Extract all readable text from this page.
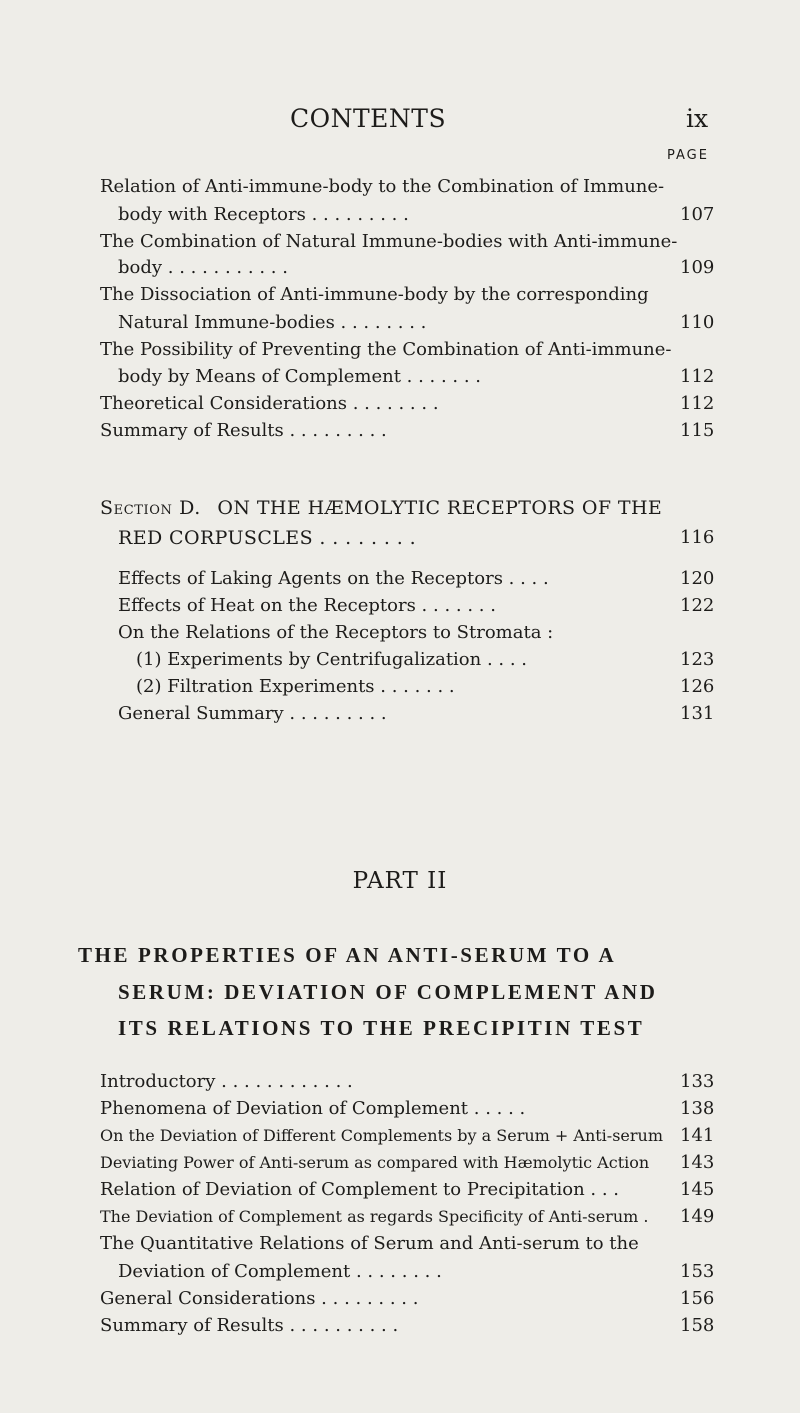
CONTENTS	ix
PAGE
Relation of Anti-immune-body to the Combination of Immune-
body with Receptors . . . . . . . . .	107
The Combination of Natural Immune-bodies with Anti-immune-
body . . . . . . . . . . .	109
The Dissociation of Anti-immune-body by the corresponding
Natural Immune-bodies . . . . . . . .	110
The Possibility of Preventing the Combination of Anti-immune-
body by Means of Complement . . . . . . .	112
Theoretical Considerations . . . . . . . .	112
Summary of Results . . . . . . . . .	115
Section D. ON THE HÆMOLYTIC RECEPTORS OF THE
RED CORPUSCLES . . . . . . . .	116
Effects of Laking Agents on the Receptors . . . .	120
Effects of Heat on the Receptors . . . . . . .	122
On the Relations of the Receptors to Stromata :
(1) Experiments by Centrifugalization . . . .	123
(2) Filtration Experiments . . . . . . .	126
General Summary . . . . . . . . .	131
PART II
THE PROPERTIES OF AN ANTI-SERUM TO A
SERUM: DEVIATION OF COMPLEMENT AND
ITS RELATIONS TO THE PRECIPITIN TEST
Introductory . . . . . . . . . . . .	133
Phenomena of Deviation of Complement . . . . .	138
On the Deviation of Different Complements by a Serum + Anti-serum 141
Deviating Power of Anti-serum as compared with Hæmolytic Action 143
Relation of Deviation of Complement to Precipitation . . .	145
The Deviation of Complement as regards Specificity of Anti-serum . 149
The Quantitative Relations of Serum and Anti-serum to the
Deviation of Complement . . . . . . . .	153
General Considerations . . . . . . . . .	156
Summary of Results . . . . . . . . . .	158
